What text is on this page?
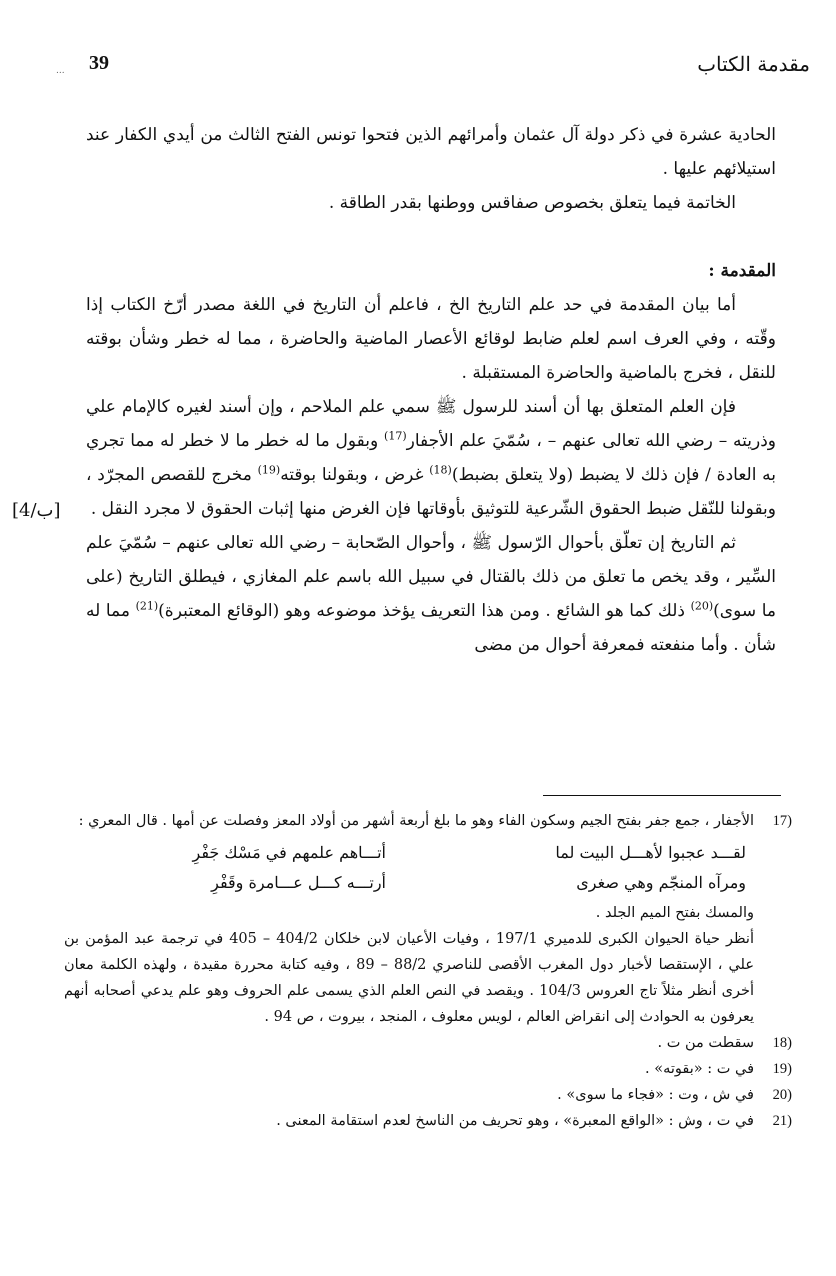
مقدمة الكتاب
39
...
[4/ب]

الحادية عشرة في ذكر دولة آل عثمان وأمرائهم الذين فتحوا تونس الفتح الثالث من أيدي الكفار عند استيلائهم عليها .

الخاتمة فيما يتعلق بخصوص صفاقس ووطنها بقدر الطاقة .

المقدمة :

أما بيان المقدمة في حد علم التاريخ الخ ، فاعلم أن التاريخ في اللغة مصدر أرّخ الكتاب إذا وقّته ، وفي العرف اسم لعلم ضابط لوقائع الأعصار الماضية والحاضرة ، مما له خطر وشأن بوقته للنقل ، فخرج بالماضية والحاضرة المستقبلة .

فإن العلم المتعلق بها أن أسند للرسول ﷺ سمي علم الملاحم ، وإن أسند لغيره كالإمام علي وذريته – رضي الله تعالى عنهم – ، سُمّيَ علم الأجفار$^{(17)}$ وبقول ما له خطر ما لا خطر له مما تجري به العادة / فإن ذلك لا يضبط (ولا يتعلق بضبط)$^{(18)}$ غرض ، وبقولنا بوقته$^{(19)}$ مخرج للقصص المجرّد ، وبقولنا للنّقل ضبط الحقوق الشّرعية للتوثيق بأوقاتها فإن الغرض منها إثبات الحقوق لا مجرد النقل .

ثم التاريخ إن تعلّق بأحوال الرّسول ﷺ ، وأحوال الصّحابة – رضي الله تعالى عنهم – سُمّيَ علم السِّير ، وقد يخص ما تعلق من ذلك بالقتال في سبيل الله باسم علم المغازي ، فيطلق التاريخ (على ما سوى)$^{(20)}$ ذلك كما هو الشائع . ومن هذا التعريف يؤخذ موضوعه وهو (الوقائع المعتبرة)$^{(21)}$ مما له شأن . وأما منفعته فمعرفة أحوال من مضى

(17
الأجفار ، جمع جفر بفتح الجيم وسكون الفاء وهو ما بلغ أربعة أشهر من أولاد المعز وفصلت عن أمها . قال المعري :
لقـــد عجبوا لأهـــل البيت لما
أتـــاهم علمهم في مَسْك جَفْرِ
ومرآه المنجّم وهي صغرى
أرتـــه كـــل عـــامرة وقَفْرِ

والمسك بفتح الميم الجلد .

أنظر حياة الحيوان الكبرى للدميري 197/1 ، وفيات الأعيان لابن خلكان 404/2 – 405 في ترجمة عبد المؤمن بن علي ، الإستقصا لأخبار دول المغرب الأقصى للناصري 88/2 – 89 ، وفيه كتابة محررة مقيدة ، ولهذه الكلمة معان أخرى أنظر مثلاً تاج العروس 104/3 . ويقصد في النص العلم الذي يسمى علم الحروف وهو علم يدعي أصحابه أنهم يعرفون به الحوادث إلى انقراض العالم ، لويس معلوف ، المنجد ، بيروت ، ص 94 .

(18
سقطت من ت .
(19
في ت : «بقوته» .
(20
في ش ، وت : «فجاء ما سوى» .
(21
في ت ، وش : «الواقع المعبرة» ، وهو تحريف من الناسخ لعدم استقامة المعنى .
